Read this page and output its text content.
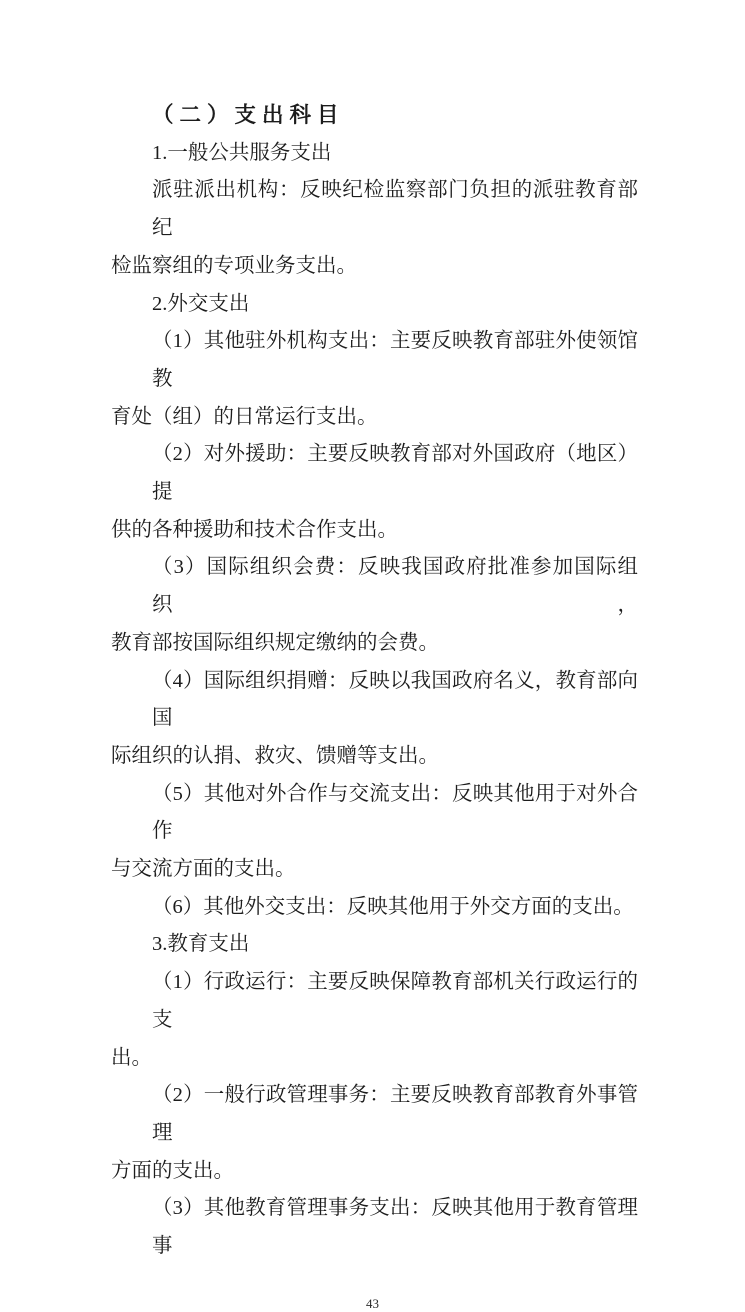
（二）支出科目
1.一般公共服务支出
派驻派出机构：反映纪检监察部门负担的派驻教育部纪
检监察组的专项业务支出。
2.外交支出
（1）其他驻外机构支出：主要反映教育部驻外使领馆教
育处（组）的日常运行支出。
（2）对外援助：主要反映教育部对外国政府（地区）提
供的各种援助和技术合作支出。
（3）国际组织会费：反映我国政府批准参加国际组织，
教育部按国际组织规定缴纳的会费。
（4）国际组织捐赠：反映以我国政府名义，教育部向国
际组织的认捐、救灾、馈赠等支出。
（5）其他对外合作与交流支出：反映其他用于对外合作
与交流方面的支出。
（6）其他外交支出：反映其他用于外交方面的支出。
3.教育支出
（1）行政运行：主要反映保障教育部机关行政运行的支
出。
（2）一般行政管理事务：主要反映教育部教育外事管理
方面的支出。
（3）其他教育管理事务支出：反映其他用于教育管理事
43
